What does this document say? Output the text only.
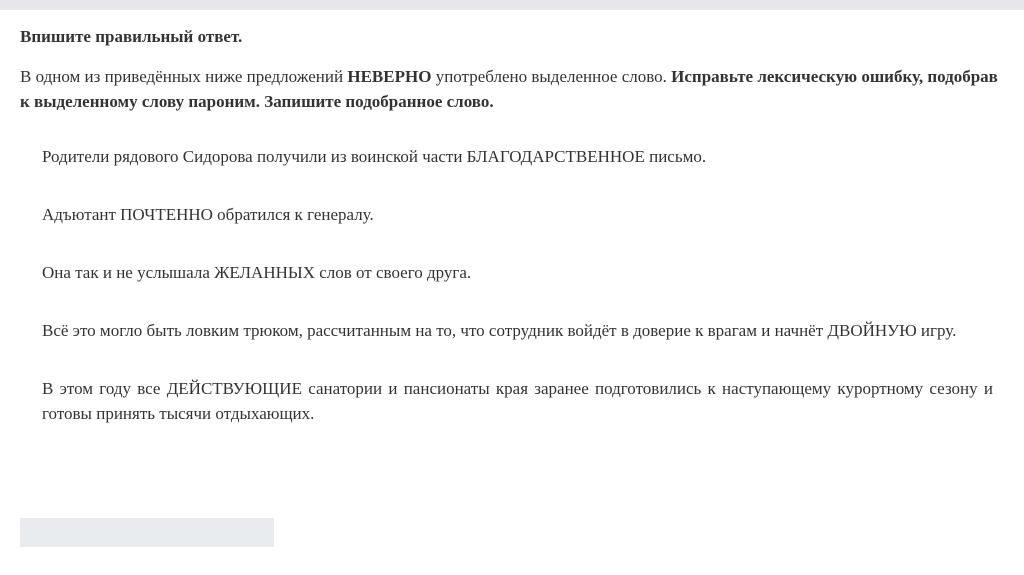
Впишите правильный ответ.

В одном из приведённых ниже предложений НЕВЕРНО употреблено выделенное слово. Исправьте лексическую ошибку, подобрав
к выделенному слову пароним. Запишите подобранное слово.

Родители рядового Сидорова получили из воинской части БЛАГОДАРСТВЕННОЕ письмо.

Адъютант ПОЧТЕННО обратился к генералу.

Она так и не услышала ЖЕЛАННЫХ слов от своего друга.

Всё это могло быть ловким трюком, рассчитанным на то, что сотрудник войдёт в доверие к врагам и начнёт ДВОЙНУЮ игру.

В этом году все ДЕЙСТВУЮЩИЕ санатории и пансионаты края заранее подготовились к наступающему курортному сезону и готовы принять тысячи отдыхающих.
